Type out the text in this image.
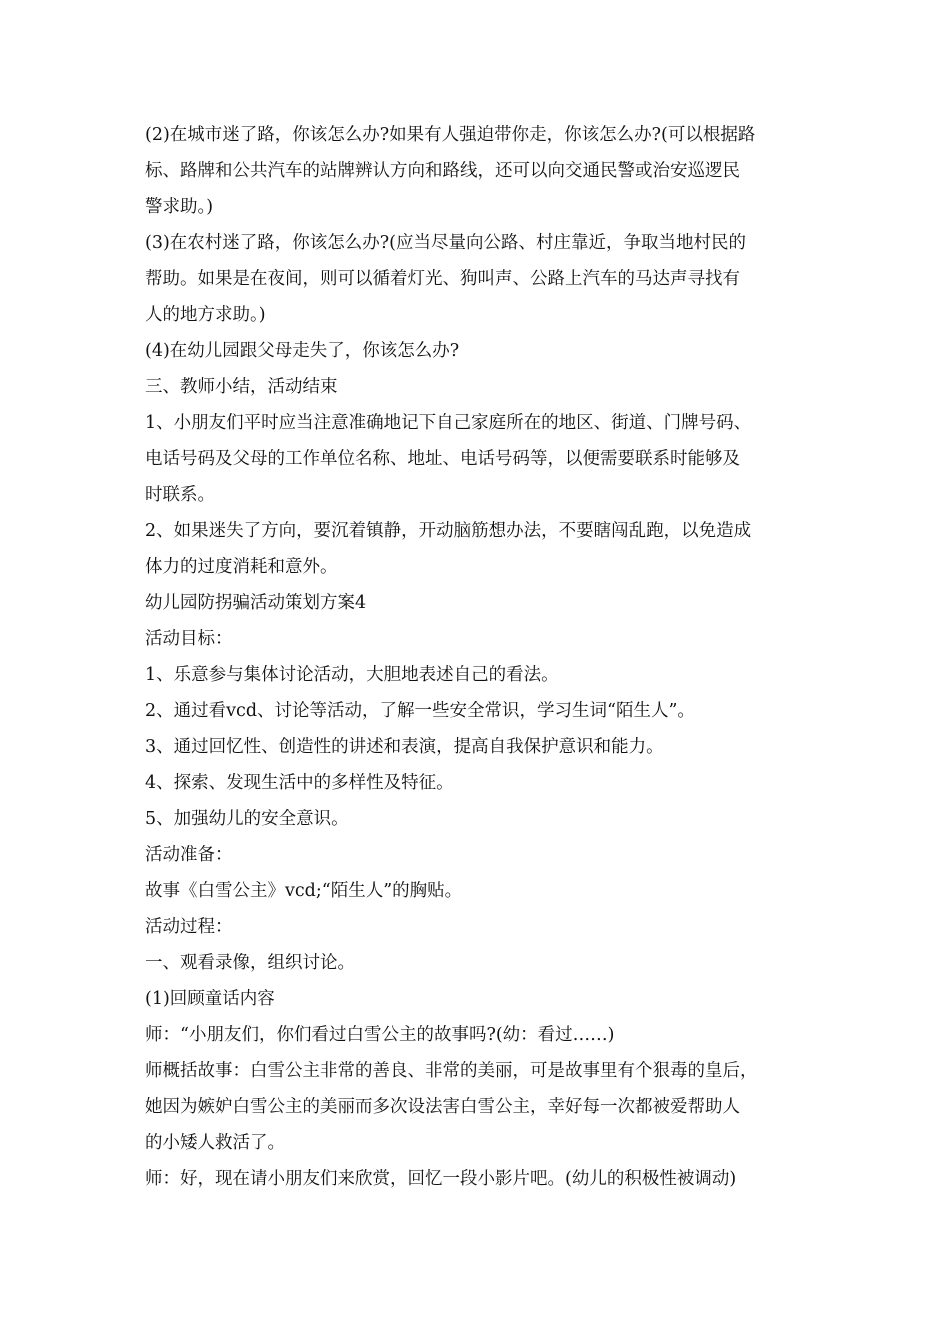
(2)在城市迷了路，你该怎么办?如果有人强迫带你走，你该怎么办?(可以根据路
标、路牌和公共汽车的站牌辨认方向和路线，还可以向交通民警或治安巡逻民
警求助。)
(3)在农村迷了路，你该怎么办?(应当尽量向公路、村庄靠近，争取当地村民的
帮助。如果是在夜间，则可以循着灯光、狗叫声、公路上汽车的马达声寻找有
人的地方求助。)
(4)在幼儿园跟父母走失了，你该怎么办?
三、教师小结，活动结束
1、小朋友们平时应当注意准确地记下自己家庭所在的地区、街道、门牌号码、
电话号码及父母的工作单位名称、地址、电话号码等，以便需要联系时能够及
时联系。
2、如果迷失了方向，要沉着镇静，开动脑筋想办法，不要瞎闯乱跑，以免造成
体力的过度消耗和意外。
幼儿园防拐骗活动策划方案4
活动目标：
1、乐意参与集体讨论活动，大胆地表述自己的看法。
2、通过看vcd、讨论等活动，了解一些安全常识，学习生词“陌生人”。
3、通过回忆性、创造性的讲述和表演，提高自我保护意识和能力。
4、探索、发现生活中的多样性及特征。
5、加强幼儿的安全意识。
活动准备：
故事《白雪公主》vcd;“陌生人”的胸贴。
活动过程：
一、观看录像，组织讨论。
(1)回顾童话内容
师：“小朋友们，你们看过白雪公主的故事吗?(幼：看过……)
师概括故事：白雪公主非常的善良、非常的美丽，可是故事里有个狠毒的皇后，
她因为嫉妒白雪公主的美丽而多次设法害白雪公主，幸好每一次都被爱帮助人
的小矮人救活了。
师：好，现在请小朋友们来欣赏，回忆一段小影片吧。(幼儿的积极性被调动)
